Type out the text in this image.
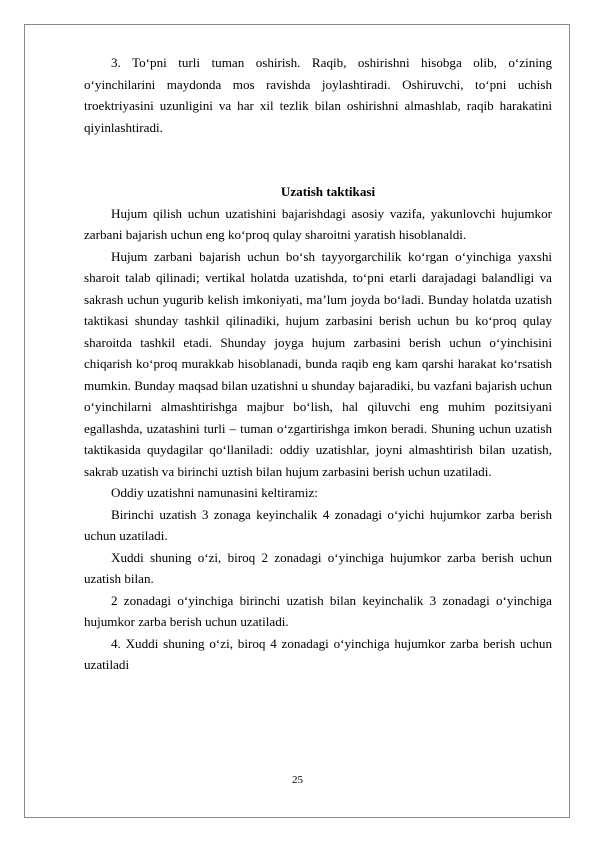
3. To‘pni turli tuman oshirish. Raqib, oshirishni hisobga olib, o‘zining o‘yinchilarini maydonda mos ravishda joylashtiradi. Oshiruvchi, to‘pni uchish troektriyasini uzunligini va har xil tezlik bilan oshirishni almashlab, raqib harakatini qiyinlashtiradi.

Uzatish taktikasi

Hujum qilish uchun uzatishini bajarishdagi asosiy vazifa, yakunlovchi hujumkor zarbani bajarish uchun eng ko‘proq qulay sharoitni yaratish hisoblanaldi.

Hujum zarbani bajarish uchun bo‘sh tayyorgarchilik ko‘rgan o‘yinchiga yaxshi sharoit talab qilinadi; vertikal holatda uzatishda, to‘pni etarli darajadagi balandligi va sakrash uchun yugurib kelish imkoniyati, ma’lum joyda bo‘ladi. Bunday holatda uzatish taktikasi shunday tashkil qilinadiki, hujum zarbasini berish uchun bu ko‘proq qulay sharoitda tashkil etadi. Shunday joyga hujum zarbasini berish uchun o‘yinchisini chiqarish ko‘proq murakkab hisoblanadi, bunda raqib eng kam qarshi harakat ko‘rsatish mumkin. Bunday maqsad bilan uzatishni u shunday bajaradiki, bu vazfani bajarish uchun o‘yinchilarni almashtirishga majbur bo‘lish, hal qiluvchi eng muhim pozitsiyani egallashda, uzatashini turli – tuman o‘zgartirishga imkon beradi. Shuning uchun uzatish taktikasida quydagilar qo‘llaniladi: oddiy uzatishlar, joyni almashtirish bilan uzatish, sakrab uzatish va birinchi uztish bilan hujum zarbasini berish uchun uzatiladi.

Oddiy uzatishni namunasini keltiramiz:

Birinchi uzatish 3 zonaga keyinchalik 4 zonadagi o‘yichi hujumkor zarba berish uchun uzatiladi.

Xuddi shuning o‘zi, biroq 2 zonadagi o‘yinchiga hujumkor zarba berish uchun uzatish bilan.

2 zonadagi o‘yinchiga birinchi uzatish bilan keyinchalik 3 zonadagi o‘yinchiga hujumkor zarba berish uchun uzatiladi.

4. Xuddi shuning o‘zi, biroq 4 zonadagi o‘yinchiga hujumkor zarba berish uchun uzatiladi

25
